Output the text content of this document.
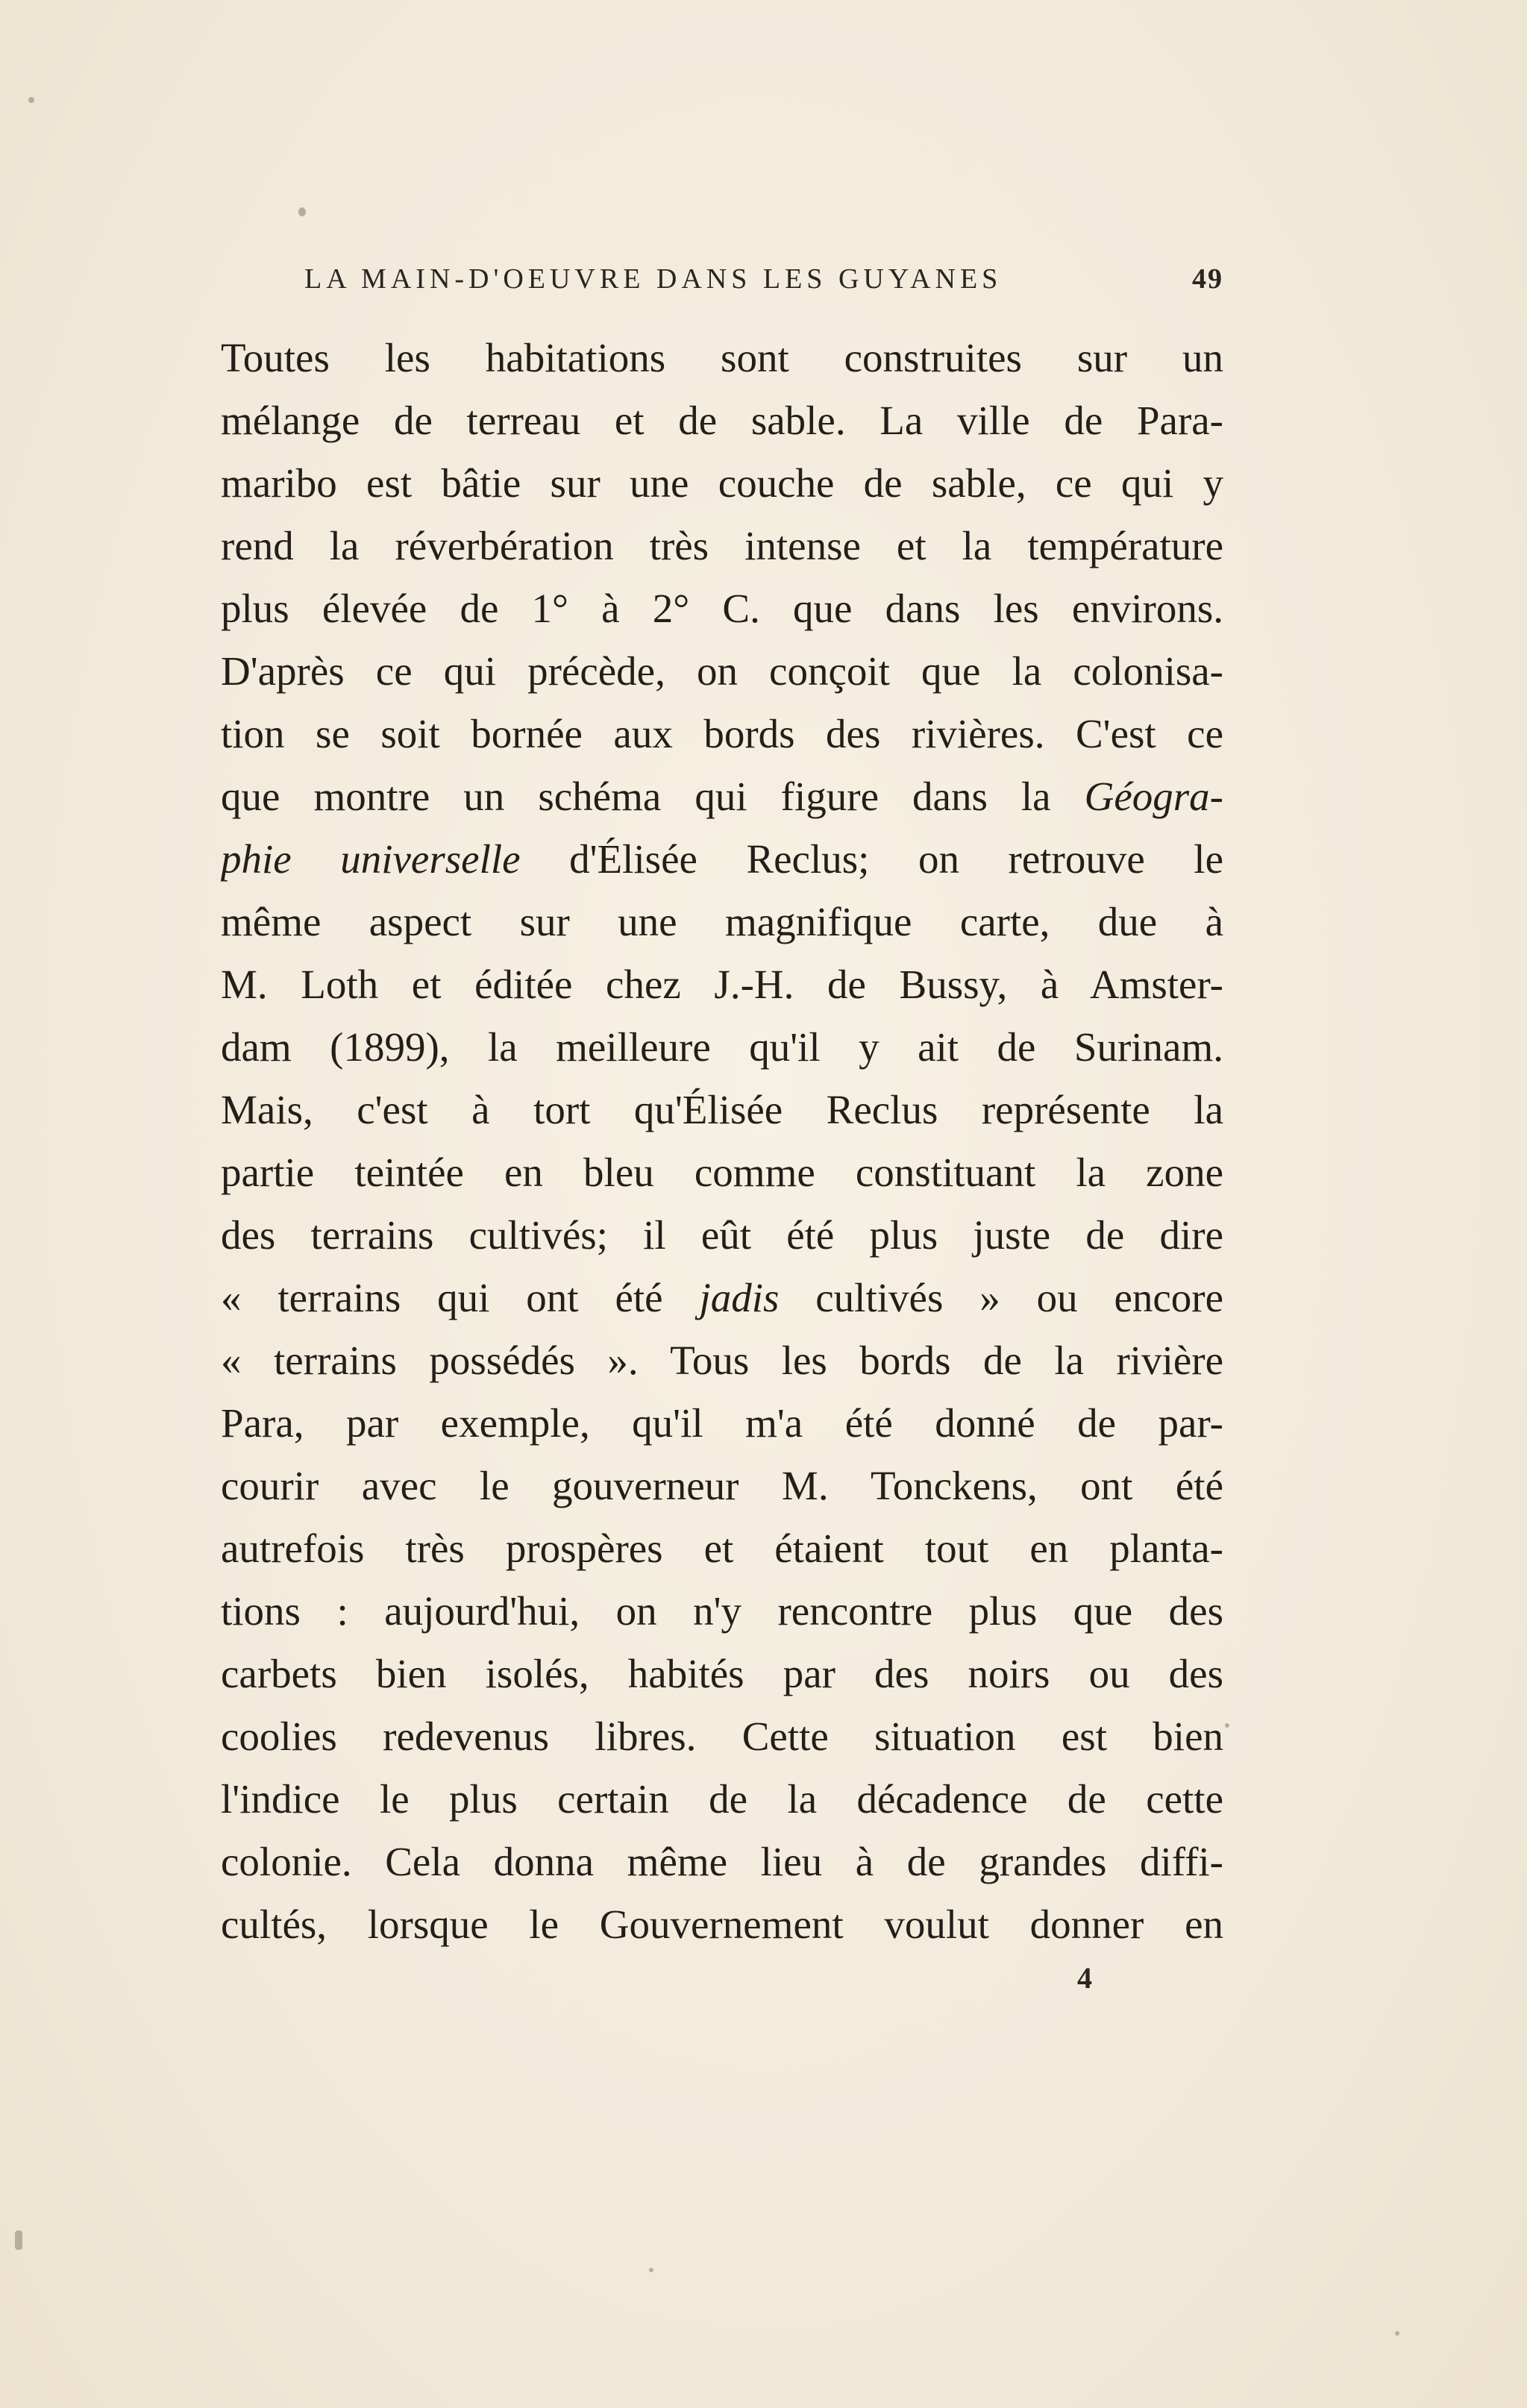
LA MAIN-D'OEUVRE DANS LES GUYANES	49
Toutes les habitations sont construites sur un
mélange de terreau et de sable. La ville de Para-
maribo est bâtie sur une couche de sable, ce qui y
rend la réverbération très intense et la température
plus élevée de 1° à 2° C. que dans les environs.
D'après ce qui précède, on conçoit que la colonisa-
tion se soit bornée aux bords des rivières. C'est ce
que montre un schéma qui figure dans la Géogra-
phie universelle d'Élisée Reclus; on retrouve le
même aspect sur une magnifique carte, due à
M. Loth et éditée chez J.-H. de Bussy, à Amster-
dam (1899), la meilleure qu'il y ait de Surinam.
Mais, c'est à tort qu'Élisée Reclus représente la
partie teintée en bleu comme constituant la zone
des terrains cultivés; il eût été plus juste de dire
« terrains qui ont été jadis cultivés » ou encore
« terrains possédés ». Tous les bords de la rivière
Para, par exemple, qu'il m'a été donné de par-
courir avec le gouverneur M. Tonckens, ont été
autrefois très prospères et étaient tout en planta-
tions : aujourd'hui, on n'y rencontre plus que des
carbets bien isolés, habités par des noirs ou des
coolies redevenus libres. Cette situation est bien
l'indice le plus certain de la décadence de cette
colonie. Cela donna même lieu à de grandes diffi-
cultés, lorsque le Gouvernement voulut donner en
4
